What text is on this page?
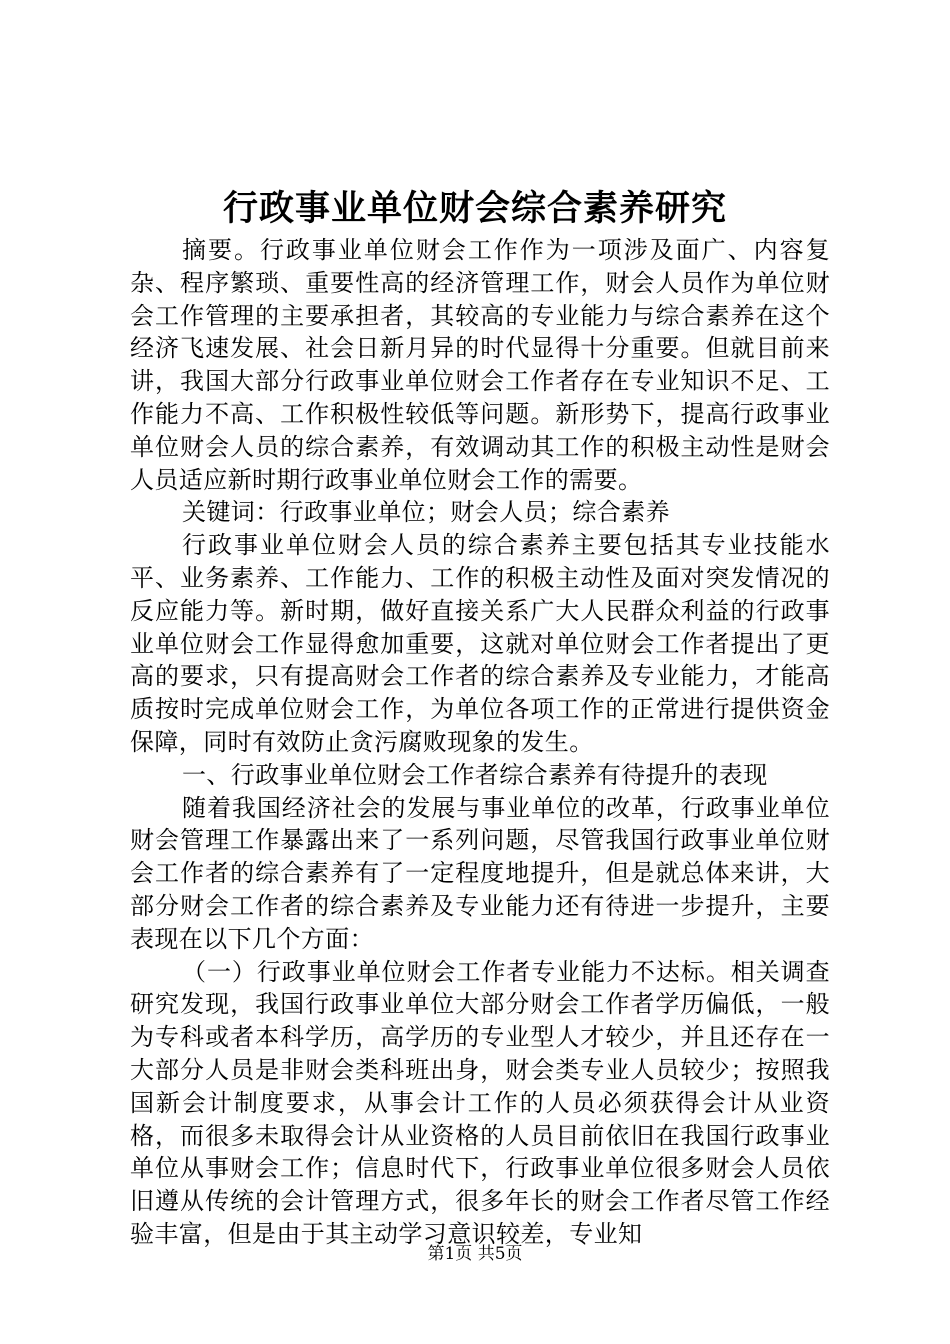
行政事业单位财会综合素养研究

摘要。行政事业单位财会工作作为一项涉及面广、内容复杂、程序繁琐、重要性高的经济管理工作，财会人员作为单位财会工作管理的主要承担者，其较高的专业能力与综合素养在这个经济飞速发展、社会日新月异的时代显得十分重要。但就目前来讲，我国大部分行政事业单位财会工作者存在专业知识不足、工作能力不高、工作积极性较低等问题。新形势下，提高行政事业单位财会人员的综合素养，有效调动其工作的积极主动性是财会人员适应新时期行政事业单位财会工作的需要。

关键词：行政事业单位；财会人员；综合素养

行政事业单位财会人员的综合素养主要包括其专业技能水平、业务素养、工作能力、工作的积极主动性及面对突发情况的反应能力等。新时期，做好直接关系广大人民群众利益的行政事业单位财会工作显得愈加重要，这就对单位财会工作者提出了更高的要求，只有提高财会工作者的综合素养及专业能力，才能高质按时完成单位财会工作，为单位各项工作的正常进行提供资金保障，同时有效防止贪污腐败现象的发生。

一、行政事业单位财会工作者综合素养有待提升的表现

随着我国经济社会的发展与事业单位的改革，行政事业单位财会管理工作暴露出来了一系列问题，尽管我国行政事业单位财会工作者的综合素养有了一定程度地提升，但是就总体来讲，大部分财会工作者的综合素养及专业能力还有待进一步提升，主要表现在以下几个方面：

（一）行政事业单位财会工作者专业能力不达标。相关调查研究发现，我国行政事业单位大部分财会工作者学历偏低，一般为专科或者本科学历，高学历的专业型人才较少，并且还存在一大部分人员是非财会类科班出身，财会类专业人员较少；按照我国新会计制度要求，从事会计工作的人员必须获得会计从业资格，而很多未取得会计从业资格的人员目前依旧在我国行政事业单位从事财会工作；信息时代下，行政事业单位很多财会人员依旧遵从传统的会计管理方式，很多年长的财会工作者尽管工作经验丰富，但是由于其主动学习意识较差，专业知

第1页 共5页
